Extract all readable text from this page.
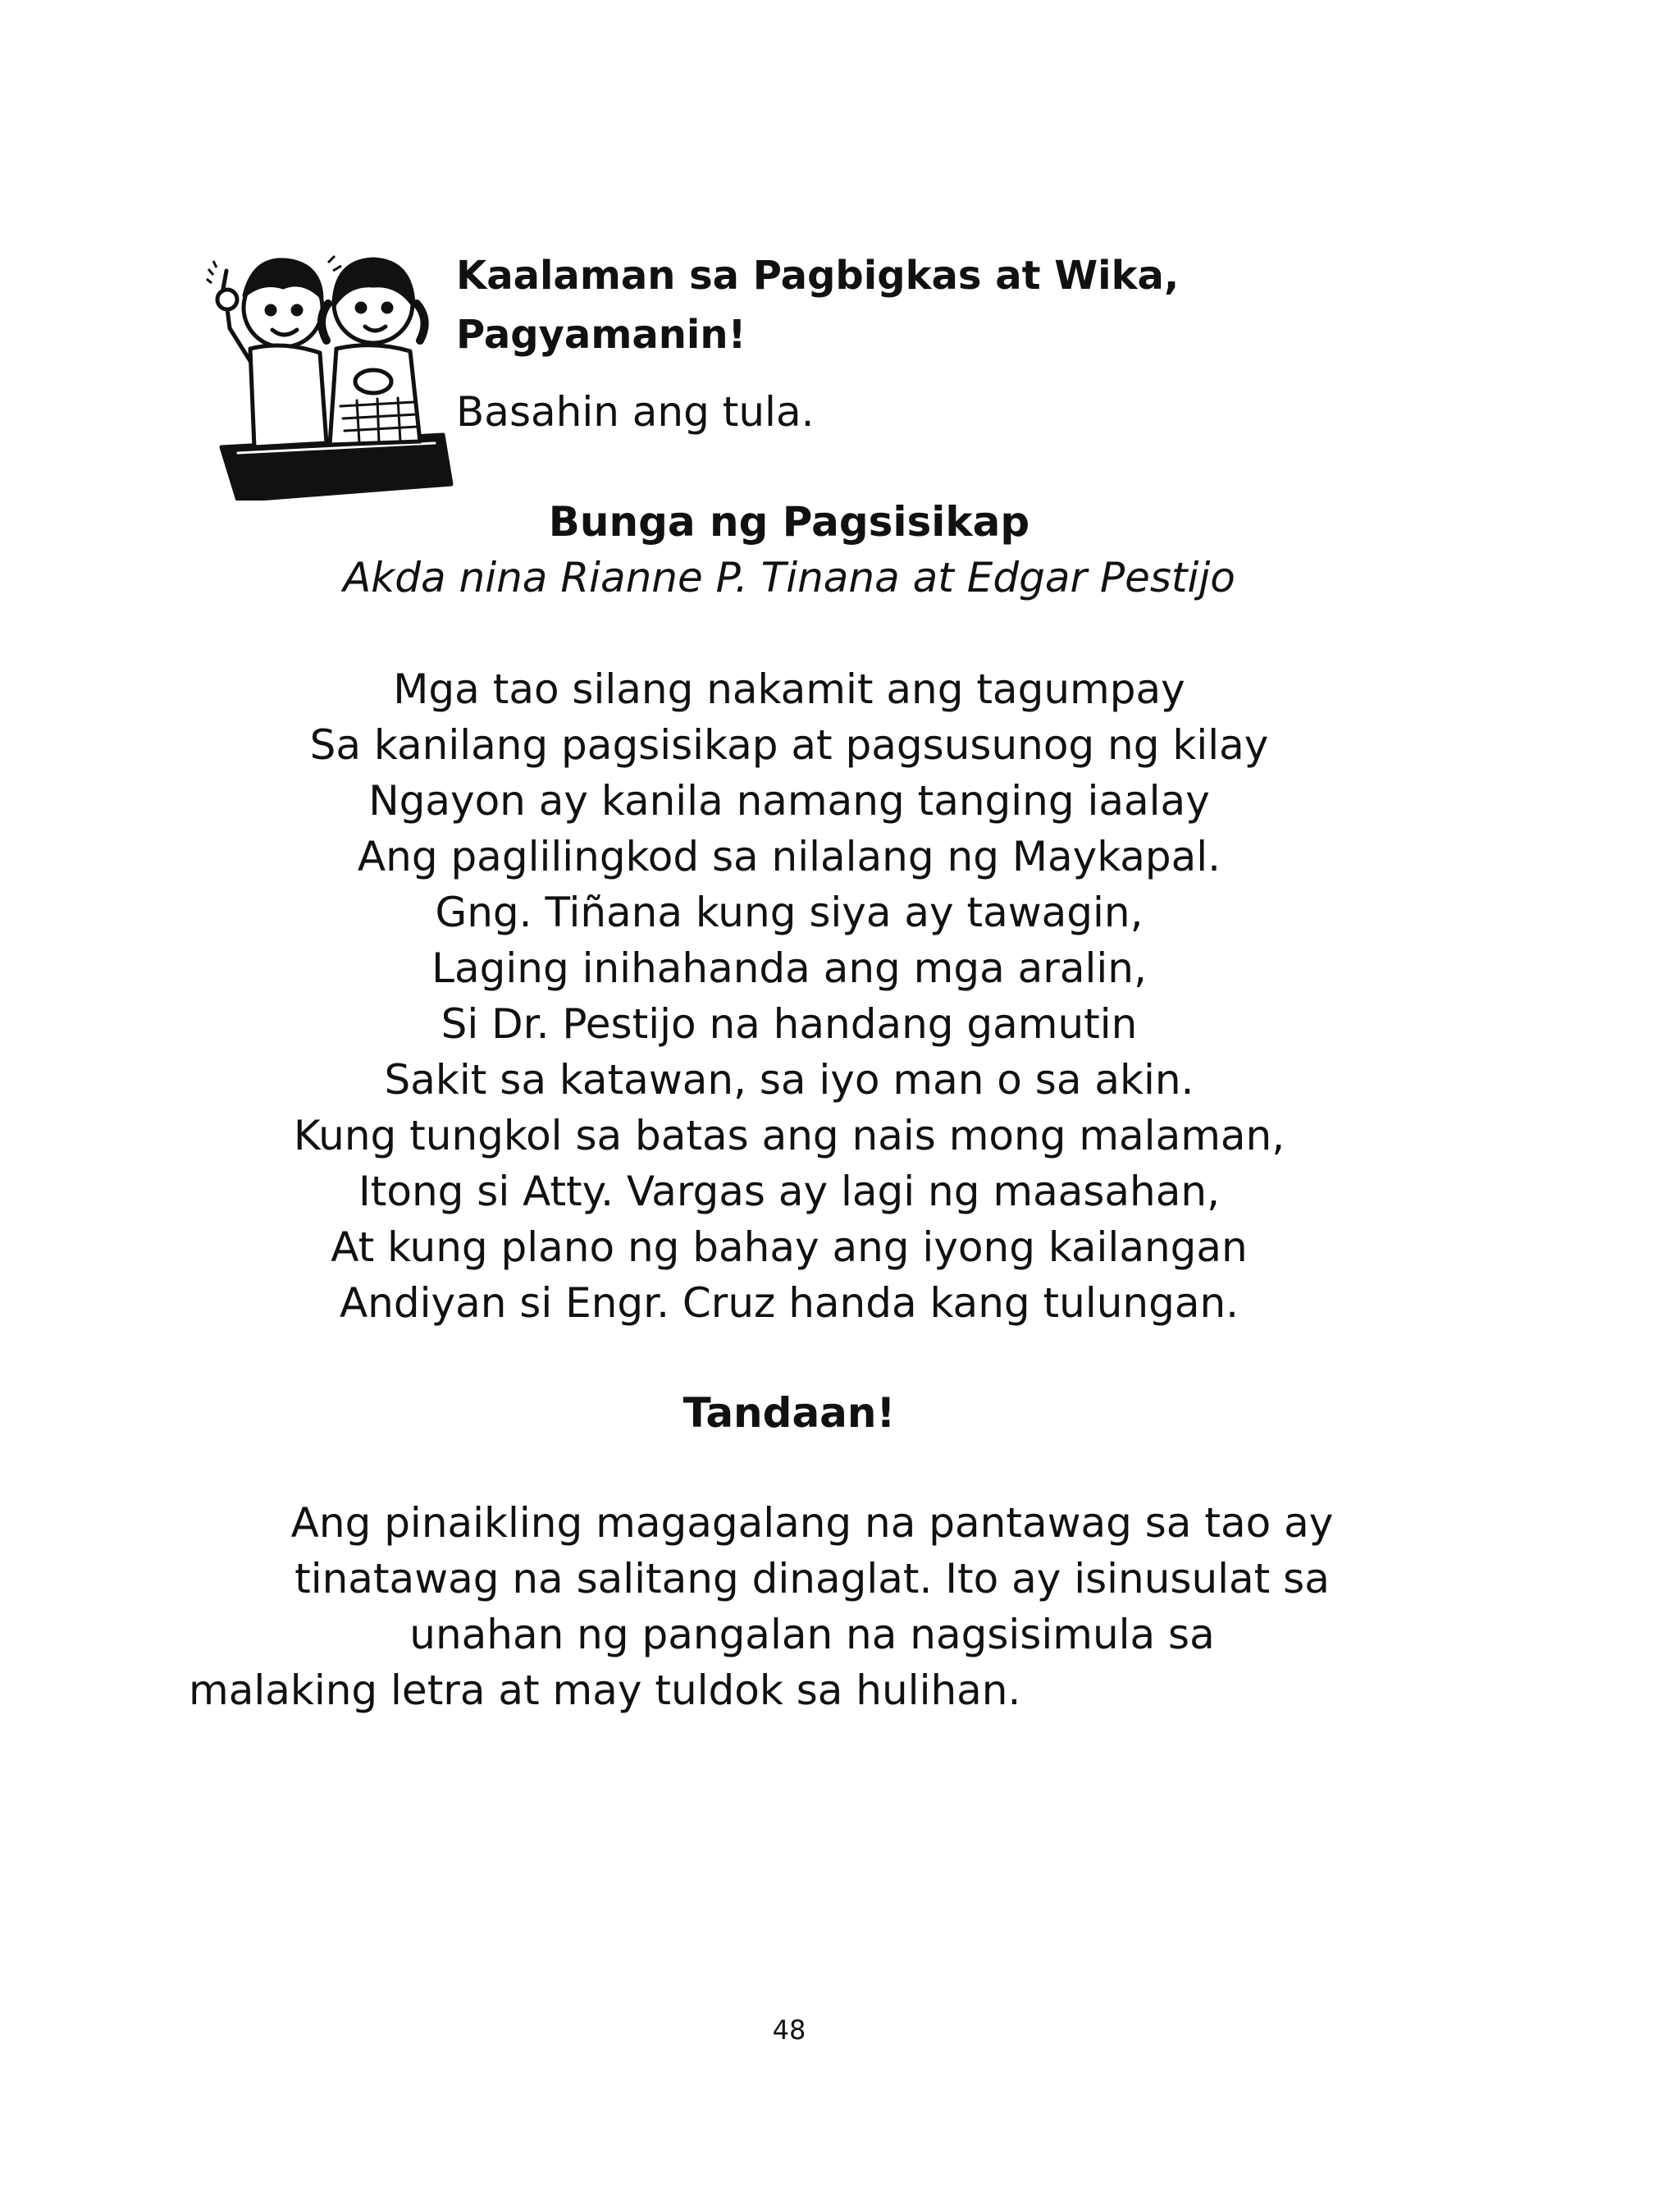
Kaalaman sa Pagbigkas at Wika,
Pagyamanin!
Basahin ang tula.
Bunga ng Pagsisikap
Akda nina Rianne P. Tinana at Edgar Pestijo
Mga tao silang nakamit ang tagumpay
Sa kanilang pagsisikap at pagsusunog ng kilay
Ngayon ay kanila namang tanging iaalay
Ang paglilingkod sa nilalang ng Maykapal.
Gng. Tiñana kung siya ay tawagin,
Laging inihahanda ang mga aralin,
Si Dr. Pestijo na handang gamutin
Sakit sa katawan, sa iyo man o sa akin.
Kung tungkol sa batas ang nais mong malaman,
Itong si Atty. Vargas ay lagi ng maasahan,
At kung plano ng bahay ang iyong kailangan
Andiyan si Engr. Cruz handa kang tulungan.
Tandaan!
Ang pinaikling magagalang na pantawag sa tao ay
tinatawag na salitang dinaglat. Ito ay isinusulat sa
unahan ng pangalan na nagsisimula sa
malaking letra at may tuldok sa hulihan.
48
